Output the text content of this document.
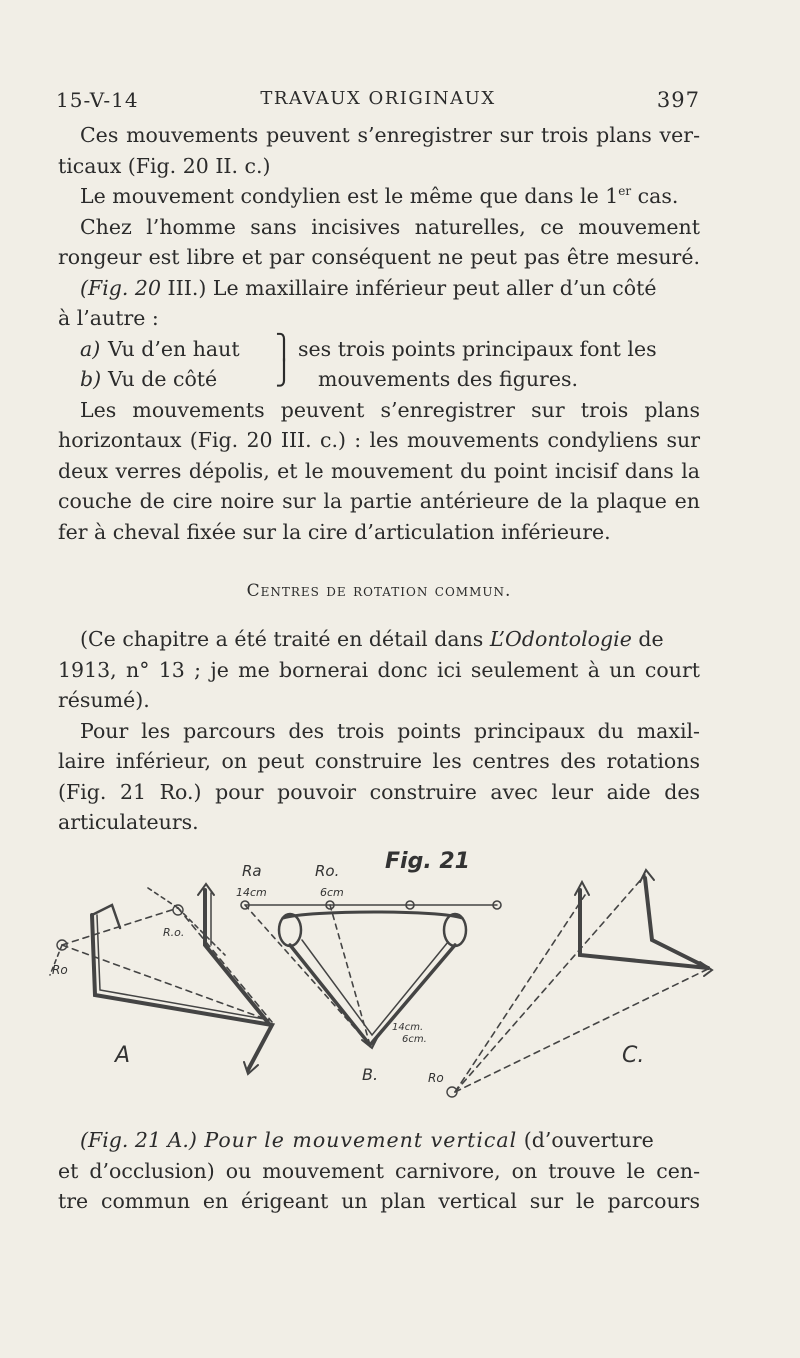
15-V-14	TRAVAUX ORIGINAUX	397

Ces mouvements peuvent s’enregistrer sur trois plans ver-

ticaux (Fig. 20 II. c.)

Le mouvement condylien est le même que dans le 1er cas.

Chez l’homme sans incisives naturelles, ce mouvement

rongeur est libre et par conséquent ne peut pas être mesuré.

(Fig. 20 III.) Le maxillaire inférieur peut aller d’un côté

à l’autre :

a) Vu d’en haut ⎫ ses trois points principaux font les
b) Vu de côté ⎭ mouvements des figures.

Les mouvements peuvent s’enregistrer sur trois plans

horizontaux (Fig. 20 III. c.) : les mouvements condyliens sur

deux verres dépolis, et le mouvement du point incisif dans la

couche de cire noire sur la partie antérieure de la plaque en

fer à cheval fixée sur la cire d’articulation inférieure.

Centres de rotation commun.

(Ce chapitre a été traité en détail dans L’Odontologie de

1913, n° 13 ; je me bornerai donc ici seulement à un court

résumé).

Pour les parcours des trois points principaux du maxil-

laire inférieur, on peut construire les centres des rotations

(Fig. 21 Ro.) pour pouvoir construire avec leur aide des

articulateurs.

Fig. 21
Ra
14cm
Ro.
6cm
Ro
R.o.
A
B.
C.
Ro
14cm.
6cm.

(Fig. 21 A.) Pour le mouvement vertical (d’ouverture

et d’occlusion) ou mouvement carnivore, on trouve le cen-

tre commun en érigeant un plan vertical sur le parcours
